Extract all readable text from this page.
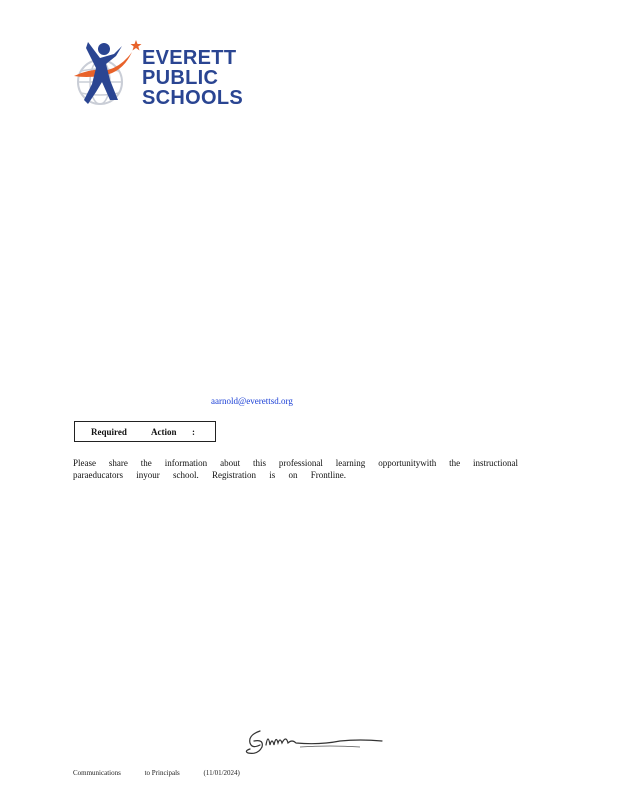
EVERETT
PUBLIC
SCHOOLS
aarnold@everettsd.org
Required	Action :
Please share the information about this professional learning opportunitywith the instructional
paraeducators inyour school. Registration is on Frontline.
Communications	to Principals	(11/01/2024)
